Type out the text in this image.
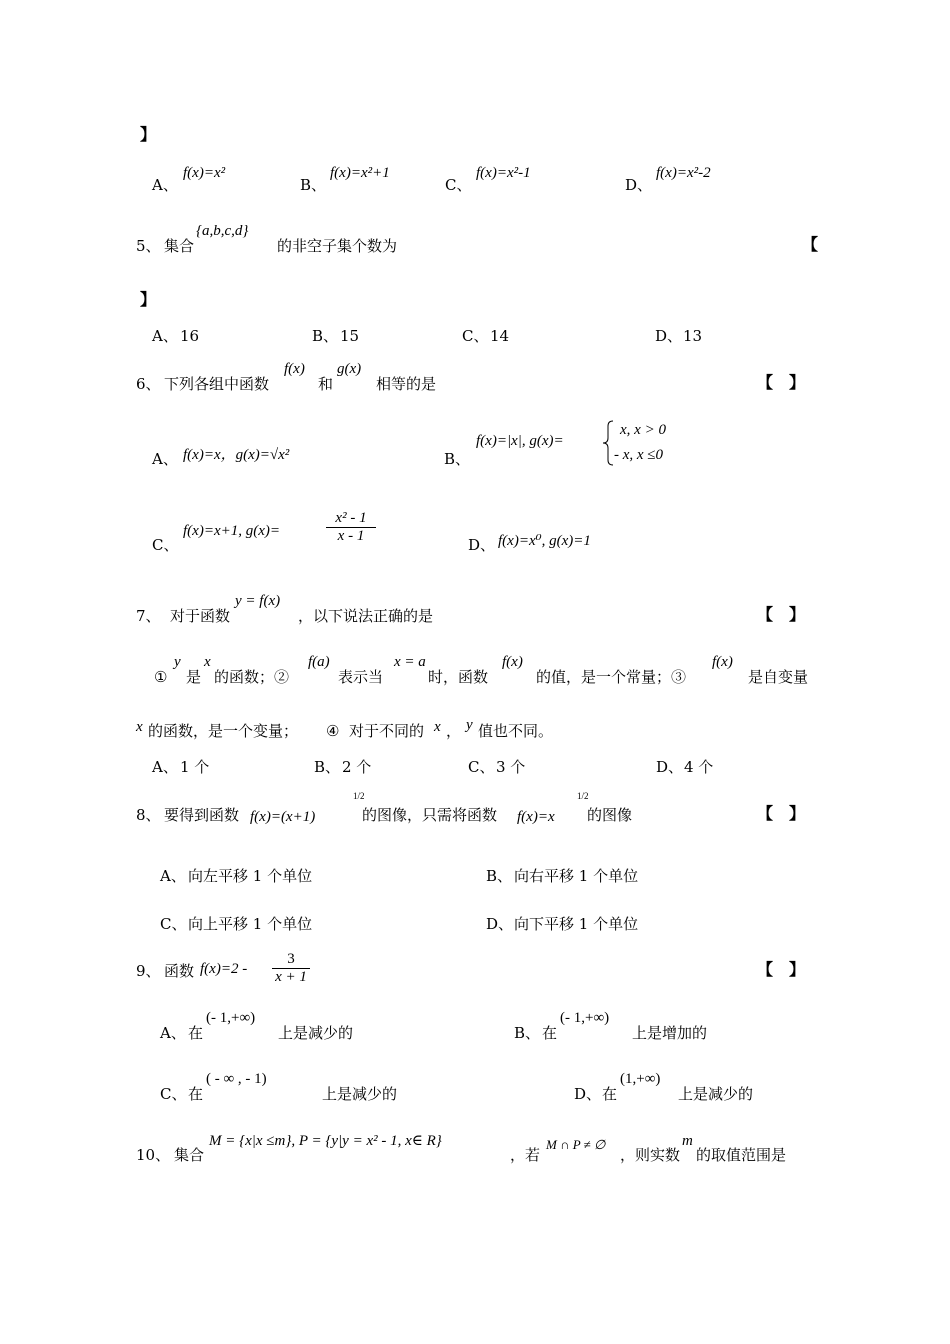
】
A、
f(x)=x²
B、
f(x)=x²+1
C、
f(x)=x²-1
D、
f(x)=x²-2
5、 集合
{a,b,c,d}
的非空子集个数为	【
】
A、 16	B、 15	C、 14	D、 13
6、 下列各组中函数
f(x)
和
g(x)
相等的是	【　】
A、 f(x)=x，g(x)=√x²	B、
f(x)=|x|, g(x)=
x, x > 0
- x, x ≤0
C、
f(x)=x+1, g(x)=	$\frac{\text{x² - 1}}{x - 1}$	D、 f(x)=x⁰, g(x)=1
7、 对于函数
y = f(x)
，以下说法正确的是	【　】
①
y
是
x
的函数；②
f(a)
表示当
x = a
时，函数
f(x)
的值，是一个常量；③
f(x)
是自变量
x 的函数，是一个变量； ④ 对于不同的 x ， y 值也不同。
A、 1 个	B、 2 个	C、 3 个	D、 4 个
8、 要得到函数 f(x)=(x+1)
1/2
的图像，只需将函数 f(x)=x
1/2
的图像	【　】
A、 向左平移 1 个单位	B、 向右平移 1 个单位
C、 向上平移 1 个单位	D、 向下平移 1 个单位
9、 函数 $f(x)=2 - \frac{3}{x + 1}$	【　】
A、 在
(- 1,+∞)
上是减少的	B、 在
(- 1,+∞)
上是增加的
C、 在
( - ∞ , - 1)
上是减少的	D、 在
(1,+∞)
上是减少的
10、 集合
M = {x|x ≤m}, P = {y|y = x² - 1, x∈ R}
，若
M ∩ P ≠ ∅
，则实数
m
的取值范围是
